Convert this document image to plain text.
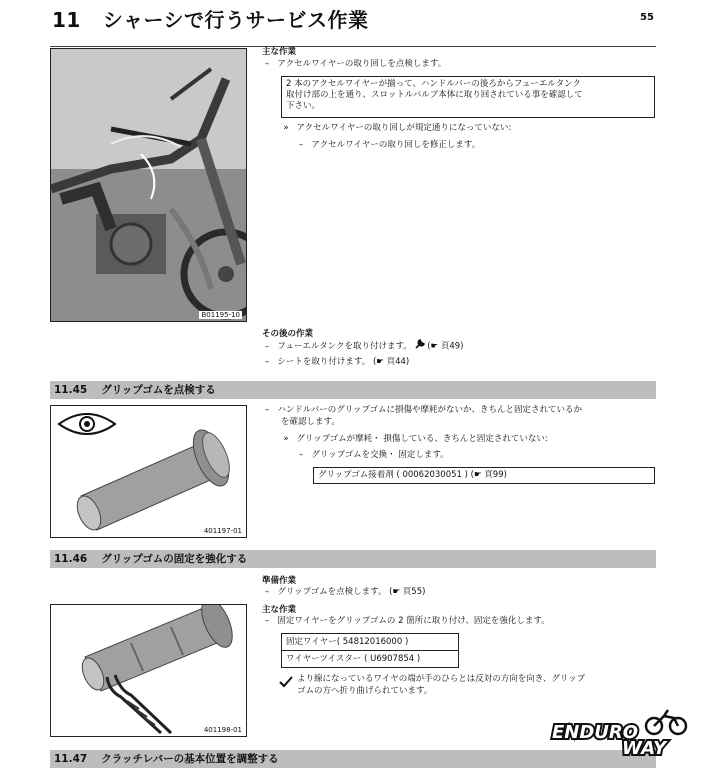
11 シャーシで行うサービス作業	55
B01195-10
主な作業
– アクセルワイヤーの取り回しを点検します。
2 本のアクセルワイヤーが揃って、ハンドルバーの後ろからフューエルタンク
取付け部の上を通り、スロットルバルブ本体に取り回されている事を確認して
下さい。
» アクセルワイヤーの取り回しが規定通りになっていない:
– アクセルワイヤーの取り回しを修正します。
その後の作業
– フューエルタンクを取り付けます。 (☛ 頁49)
– シートを取り付けます。 (☛ 頁44)
11.45 グリップゴムを点検する
401197-01
– ハンドルバーのグリップゴムに損傷や摩耗がないか、きちんと固定されているか
を確認します。
» グリップゴムが摩耗・ 損傷している、きちんと固定されていない:
– グリップゴムを交換・ 固定します。
グリップゴム接着剤 ( 00062030051 ) (☛ 頁99)
11.46 グリップゴムの固定を強化する
401198-01
準備作業
– グリップゴムを点検します。 (☛ 頁55)
主な作業
– 固定ワイヤーをグリップゴムの 2 箇所に取り付け、固定を強化します。
固定ワイヤー( 54812016000 )
ワイヤーツイスター ( U6907854 )
より線になっているワイヤの端が手のひらとは反対の方向を向き、グリップ
ゴムの方へ折り曲げられています。
11.47 クラッチレバーの基本位置を調整する
ENDURO
WAY
